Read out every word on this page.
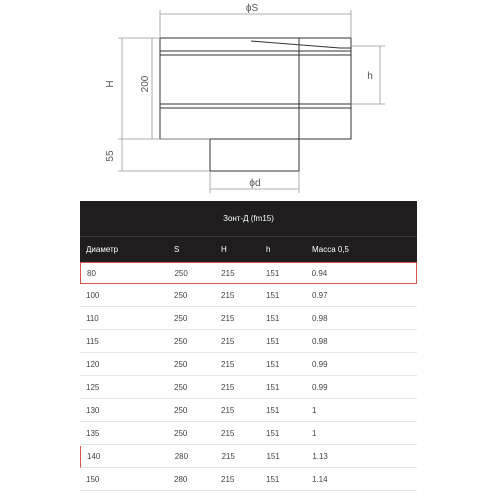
ϕS
H 200	h
55
ϕd
Зонт-Д (fm15)
Диаметр	S	H	h	Масса 0,5
80	250	215	151	0.94
100	250	215	151	0.97
110	250	215	151	0.98
115	250	215	151	0.98
120	250	215	151	0.99
125	250	215	151	0.99
130	250	215	151	1
135	250	215	151	1
140	280	215	151	1.13
150	280	215	151	1.14
